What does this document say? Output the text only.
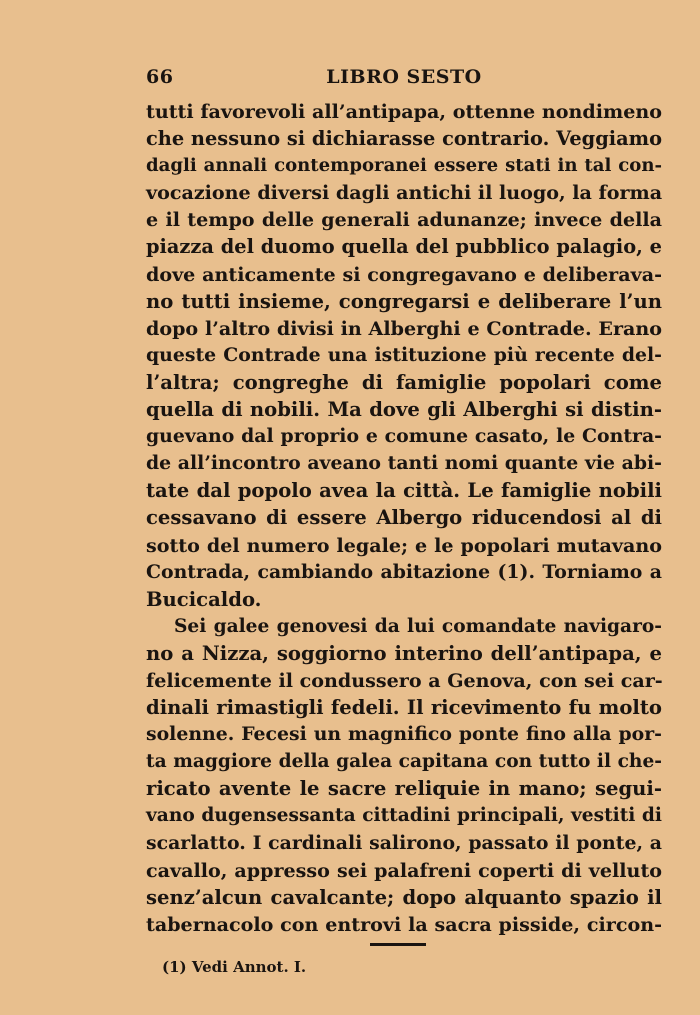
66	LIBRO SESTO
tutti favorevoli all’antipapa, ottenne nondimeno
che nessuno si dichiarasse contrario. Veggiamo
dagli annali contemporanei essere stati in tal con-
vocazione diversi dagli antichi il luogo, la forma
e il tempo delle generali adunanze; invece della
piazza del duomo quella del pubblico palagio, e
dove anticamente si congregavano e deliberava-
no tutti insieme, congregarsi e deliberare l’un
dopo l’altro divisi in Alberghi e Contrade. Erano
queste Contrade una istituzione più recente del-
l’altra; congreghe di famiglie popolari come
quella di nobili. Ma dove gli Alberghi si distin-
guevano dal proprio e comune casato, le Contra-
de all’incontro aveano tanti nomi quante vie abi-
tate dal popolo avea la città. Le famiglie nobili
cessavano di essere Albergo riducendosi al di
sotto del numero legale; e le popolari mutavano
Contrada, cambiando abitazione (1). Torniamo a
Bucicaldo.
Sei galee genovesi da lui comandate navigaro-
no a Nizza, soggiorno interino dell’antipapa, e
felicemente il condussero a Genova, con sei car-
dinali rimastigli fedeli. Il ricevimento fu molto
solenne. Fecesi un magnifico ponte fino alla por-
ta maggiore della galea capitana con tutto il che-
ricato avente le sacre reliquie in mano; segui-
vano dugensessanta cittadini principali, vestiti di
scarlatto. I cardinali salirono, passato il ponte, a
cavallo, appresso sei palafreni coperti di velluto
senz’alcun cavalcante; dopo alquanto spazio il
tabernacolo con entrovi la sacra pisside, circon-
(1) Vedi Annot. I.
